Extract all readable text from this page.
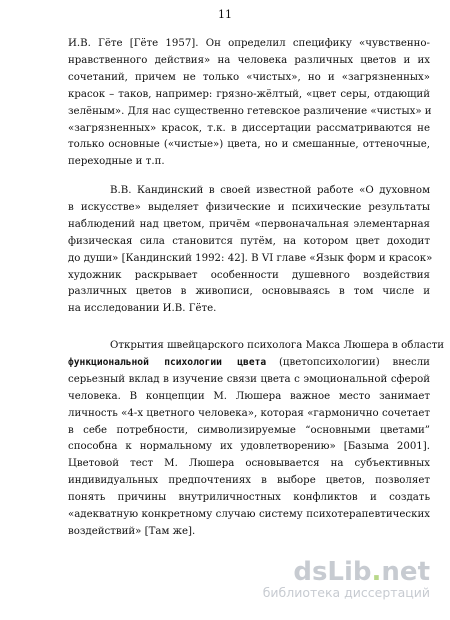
11
И.В. Гёте [Гёте 1957]. Он определил специфику «чувственно-
нравственного действия» на человека различных цветов и их
сочетаний, причем не только «чистых», но и «загрязненных»
красок – таков, например: грязно-жёлтый, «цвет серы, отдающий
зелёным». Для нас существенно гетевское различение «чистых» и
«загрязненных» красок, т.к. в диссертации рассматриваются не
только основные («чистые») цвета, но и смешанные, оттеночные,
переходные и т.п.
В.В. Кандинский в своей известной работе «О духовном
в искусстве» выделяет физические и психические результаты
наблюдений над цветом, причём «первоначальная элементарная
физическая сила становится путём, на котором цвет доходит
до души» [Кандинский 1992: 42]. В VI главе «Язык форм и красок»
художник раскрывает особенности душевного воздействия
различных цветов в живописи, основываясь в том числе и
на исследовании И.В. Гёте.
Открытия швейцарского психолога Макса Люшера в области
функциональной психологии цвета (цветопсихологии) внесли
серьезный вклад в изучение связи цвета с эмоциональной сферой
человека. В концепции М. Люшера важное место занимает
личность «4-х цветного человека», которая «гармонично сочетает
в себе потребности, символизируемые “основными цветами”
способна к нормальному их удовлетворению» [Базыма 2001].
Цветовой тест М. Люшера основывается на субъективных
индивидуальных предпочтениях в выборе цветов, позволяет
понять причины внутриличностных конфликтов и создать
«адекватную конкретному случаю систему психотерапевтических
воздействий» [Там же].
dsLib.net
библиотека диссертаций
